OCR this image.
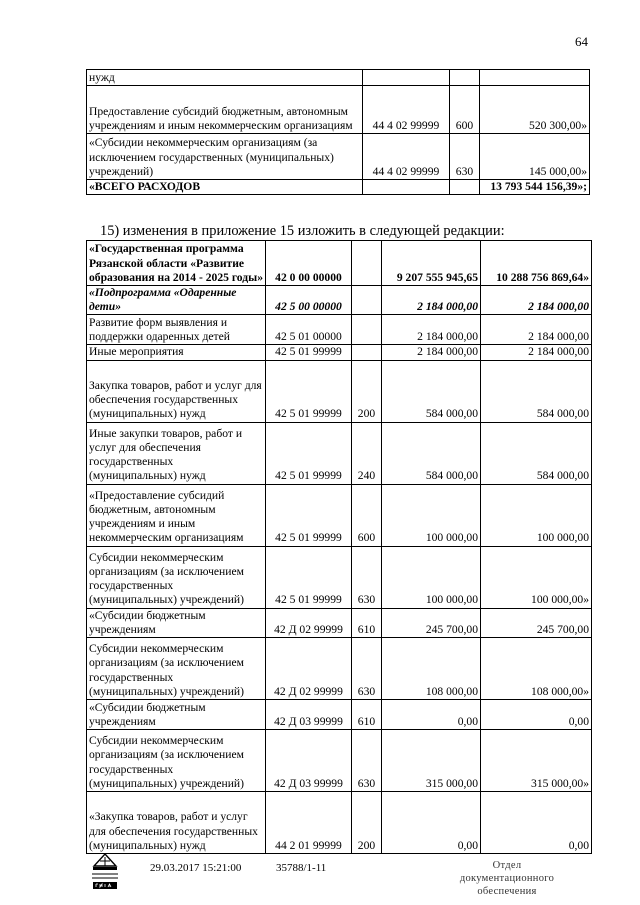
64
нужд			
Предоставление субсидий бюджетным, автономным учреждениям и иным некоммерческим организациям	44 4 02 99999	600	520 300,00»
«Субсидии некоммерческим организациям (за исключением государственных (муниципальных) учреждений)	44 4 02 99999	630	145 000,00»
«ВСЕГО РАСХОДОВ			13 793 544 156,39»;
15) изменения в приложение 15 изложить в следующей редакции:
«Государственная программа Рязанской области «Развитие образования на 2014 - 2025 годы»	42 0 00 00000		9 207 555 945,65	10 288 756 869,64»
«Подпрограмма «Одаренные дети»	42 5 00 00000		2 184 000,00	2 184 000,00
Развитие форм выявления и поддержки одаренных детей	42 5 01 00000		2 184 000,00	2 184 000,00
Иные мероприятия	42 5 01 99999		2 184 000,00	2 184 000,00
Закупка товаров, работ и услуг для обеспечения государственных (муниципальных) нужд	42 5 01 99999	200	584 000,00	584 000,00
Иные закупки товаров, работ и услуг для обеспечения государственных (муниципальных) нужд	42 5 01 99999	240	584 000,00	584 000,00
«Предоставление субсидий бюджетным, автономным учреждениям и иным некоммерческим организациям	42 5 01 99999	600	100 000,00	100 000,00
Субсидии некоммерческим организациям (за исключением государственных (муниципальных) учреждений)	42 5 01 99999	630	100 000,00	100 000,00»
«Субсидии бюджетным учреждениям	42 Д 02 99999	610	245 700,00	245 700,00
Субсидии некоммерческим организациям (за исключением государственных (муниципальных) учреждений)	42 Д 02 99999	630	108 000,00	108 000,00»
«Субсидии бюджетным учреждениям	42 Д 03 99999	610	0,00	0,00
Субсидии некоммерческим организациям (за исключением государственных (муниципальных) учреждений)	42 Д 03 99999	630	315 000,00	315 000,00»
«Закупка товаров, работ и услуг для обеспечения государственных (муниципальных) нужд	44 2 01 99999	200	0,00	0,00
29.03.2017 15:21:00	35788/1-11	Отдел документационного обеспечения
